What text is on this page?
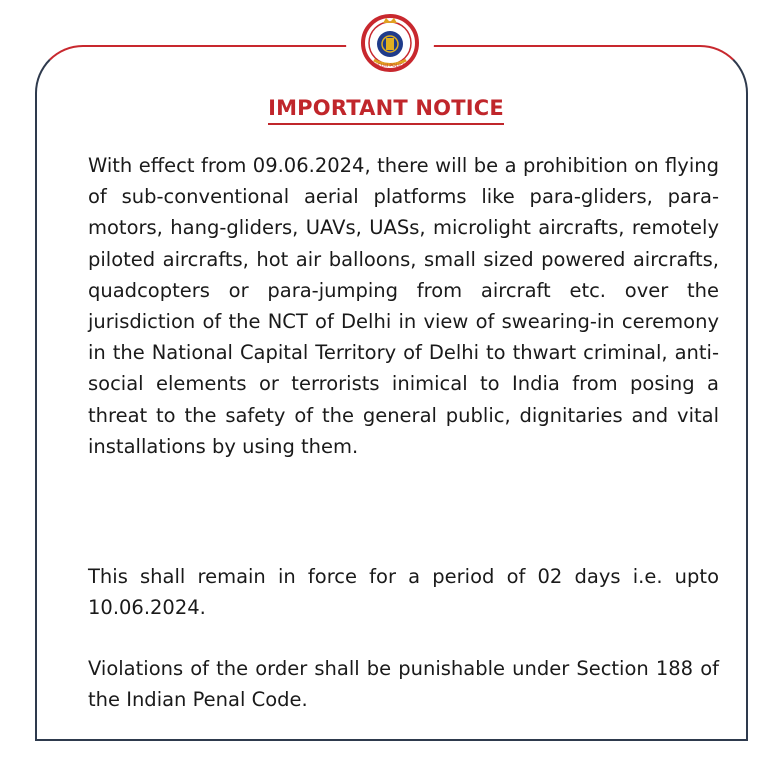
DELHI POLICE
IMPORTANT NOTICE

With effect from 09.06.2024, there will be a prohibition on flying of sub-conventional aerial platforms like para-gliders, para-motors, hang-gliders, UAVs, UASs, microlight aircrafts, remotely piloted aircrafts, hot air balloons, small sized powered aircrafts, quadcopters or para-jumping from aircraft etc. over the jurisdiction of the NCT of Delhi in view of swearing-in ceremony in the National Capital Territory of Delhi to thwart criminal, anti-social elements or terrorists inimical to India from posing a threat to the safety of the general public, dignitaries and vital installations by using them.

This shall remain in force for a period of 02 days i.e. upto 10.06.2024.

Violations of the order shall be punishable under Section 188 of the Indian Penal Code.
